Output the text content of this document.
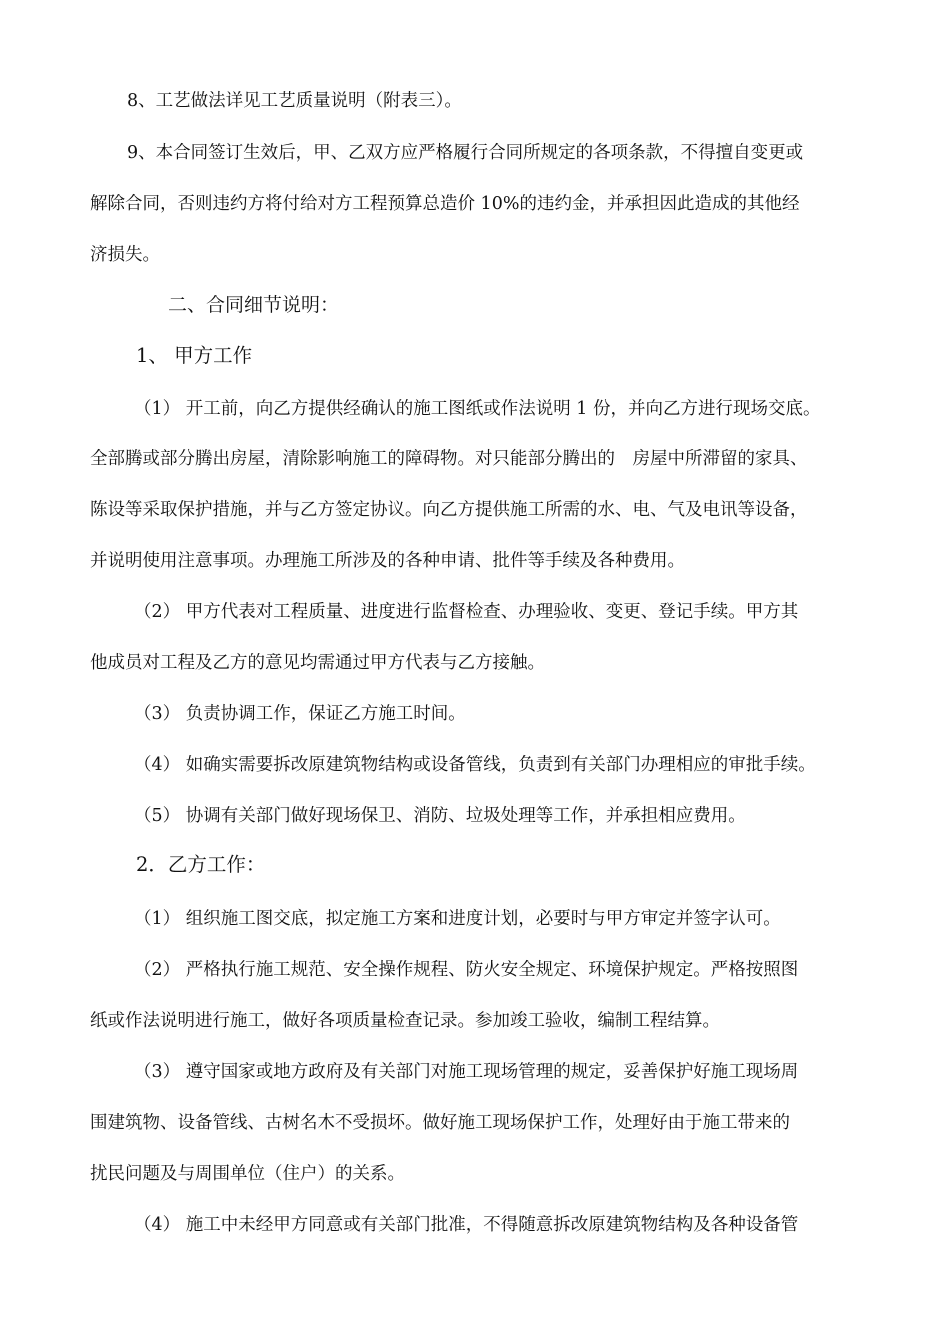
8、工艺做法详见工艺质量说明（附表三）。
9、本合同签订生效后，甲、乙双方应严格履行合同所规定的各项条款，不得擅自变更或
解除合同，否则违约方将付给对方工程预算总造价 10%的违约金，并承担因此造成的其他经
济损失。
二、合同细节说明：
1、 甲方工作
（1） 开工前，向乙方提供经确认的施工图纸或作法说明 1 份，并向乙方进行现场交底。
全部腾或部分腾出房屋，清除影响施工的障碍物。对只能部分腾出的　房屋中所滞留的家具、
陈设等采取保护措施，并与乙方签定协议。向乙方提供施工所需的水、电、气及电讯等设备，
并说明使用注意事项。办理施工所涉及的各种申请、批件等手续及各种费用。
（2） 甲方代表对工程质量、进度进行监督检查、办理验收、变更、登记手续。甲方其
他成员对工程及乙方的意见均需通过甲方代表与乙方接触。
（3） 负责协调工作，保证乙方施工时间。
（4） 如确实需要拆改原建筑物结构或设备管线，负责到有关部门办理相应的审批手续。
（5） 协调有关部门做好现场保卫、消防、垃圾处理等工作，并承担相应费用。
2．乙方工作：
（1） 组织施工图交底，拟定施工方案和进度计划，必要时与甲方审定并签字认可。
（2） 严格执行施工规范、安全操作规程、防火安全规定、环境保护规定。严格按照图
纸或作法说明进行施工，做好各项质量检查记录。参加竣工验收，编制工程结算。
（3） 遵守国家或地方政府及有关部门对施工现场管理的规定，妥善保护好施工现场周
围建筑物、设备管线、古树名木不受损坏。做好施工现场保护工作，处理好由于施工带来的
扰民问题及与周围单位（住户）的关系。
（4） 施工中未经甲方同意或有关部门批准，不得随意拆改原建筑物结构及各种设备管
